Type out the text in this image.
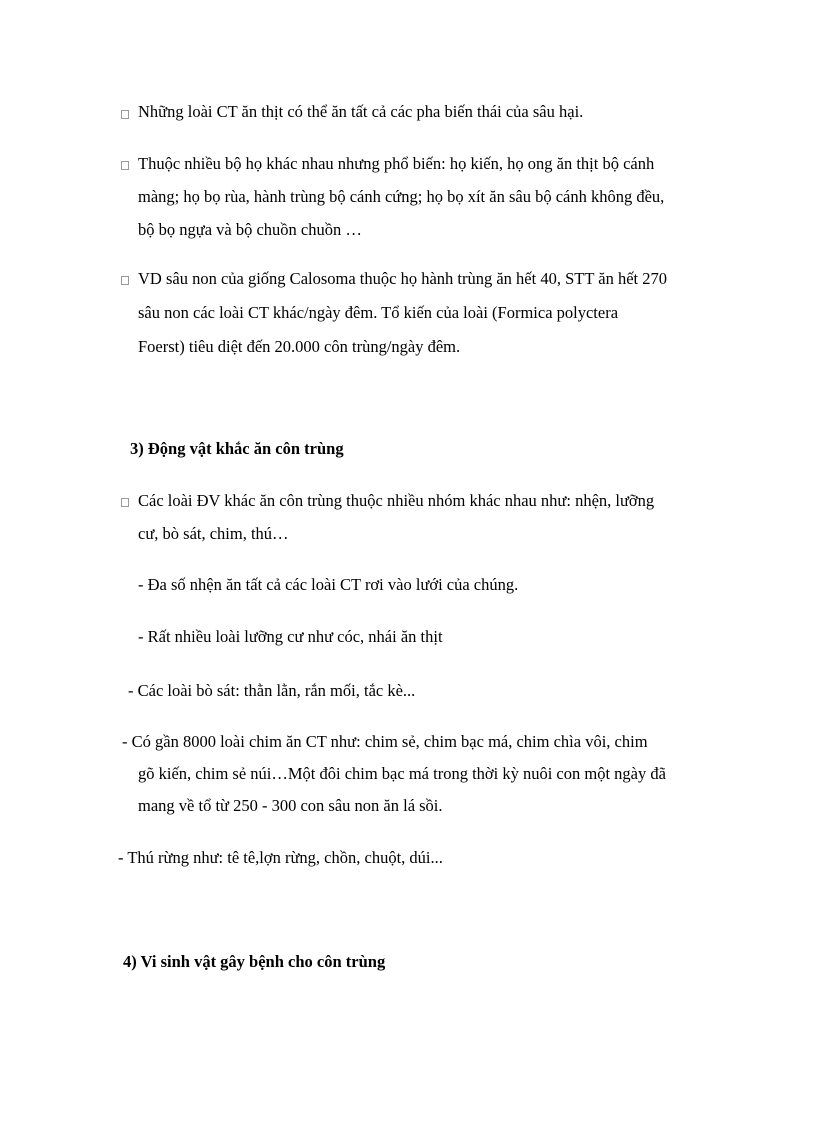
Những loài CT ăn thịt có thể ăn tất cả các pha biến thái của sâu hại.
Thuộc nhiều bộ họ khác nhau nhưng phổ biến: họ kiến, họ ong ăn thịt bộ cánh
màng; họ bọ rùa, hành trùng bộ cánh cứng; họ bọ xít ăn sâu bộ cánh không đều,
bộ bọ ngựa và bộ chuồn chuồn …
VD sâu non của giống Calosoma thuộc họ hành trùng ăn hết 40, STT ăn hết 270
sâu non các loài CT khác/ngày đêm. Tổ kiến của loài (Formica polyctera
Foerst) tiêu diệt đến 20.000 côn trùng/ngày đêm.
3) Động vật khắc ăn côn trùng
Các loài ĐV khác ăn côn trùng thuộc nhiều nhóm khác nhau như: nhện, lưỡng
cư, bò sát, chim, thú…
- Đa số nhện ăn tất cả các loài CT rơi vào lưới của chúng.
- Rất nhiều loài lưỡng cư như cóc, nhái ăn thịt
- Các loài bò sát: thằn lằn, rắn mối, tắc kè...
- Có gần 8000 loài chim ăn CT như: chim sẻ, chim bạc má, chim chìa vôi, chim
gõ kiến, chim sẻ núi…Một đôi chim bạc má trong thời kỳ nuôi con một ngày đã
mang về tổ từ 250 - 300 con sâu non ăn lá sồi.
- Thú rừng như: tê tê,lợn rừng, chồn, chuột, dúi...
4) Vi sinh vật gây bệnh cho côn trùng
